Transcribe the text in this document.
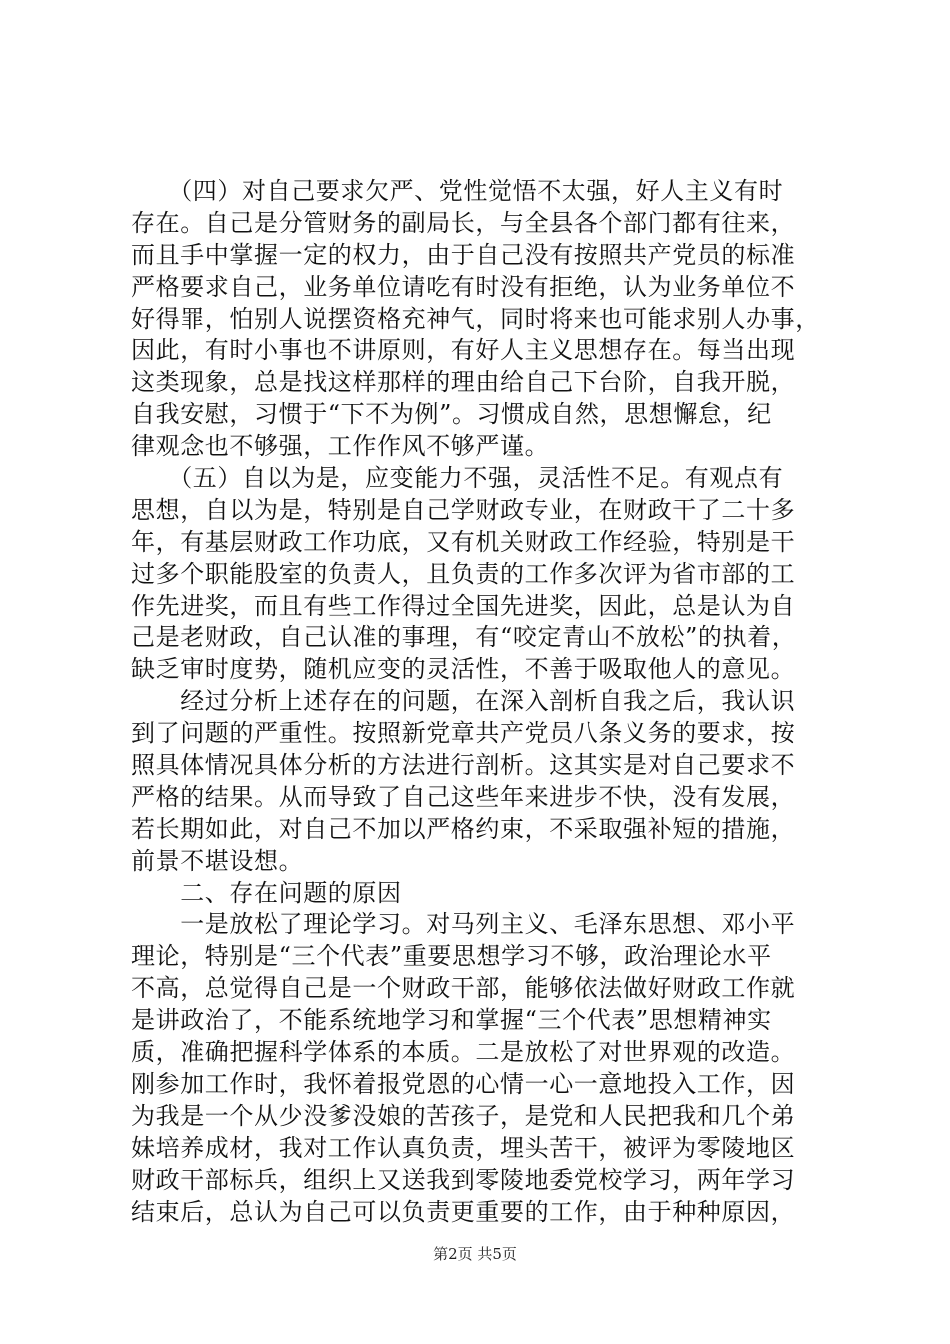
　　（四）对自己要求欠严、党性觉悟不太强，好人主义有时
存在。自己是分管财务的副局长，与全县各个部门都有往来，
而且手中掌握一定的权力，由于自己没有按照共产党员的标准
严格要求自己，业务单位请吃有时没有拒绝，认为业务单位不
好得罪，怕别人说摆资格充神气，同时将来也可能求别人办事，
因此，有时小事也不讲原则，有好人主义思想存在。每当出现
这类现象，总是找这样那样的理由给自己下台阶，自我开脱，
自我安慰，习惯于“下不为例”。习惯成自然，思想懈怠，纪
律观念也不够强，工作作风不够严谨。
　　（五）自以为是，应变能力不强，灵活性不足。有观点有
思想，自以为是，特别是自己学财政专业，在财政干了二十多
年，有基层财政工作功底，又有机关财政工作经验，特别是干
过多个职能股室的负责人，且负责的工作多次评为省市部的工
作先进奖，而且有些工作得过全国先进奖，因此，总是认为自
己是老财政，自己认准的事理，有“咬定青山不放松”的执着，
缺乏审时度势，随机应变的灵活性，不善于吸取他人的意见。
　　经过分析上述存在的问题，在深入剖析自我之后，我认识
到了问题的严重性。按照新党章共产党员八条义务的要求，按
照具体情况具体分析的方法进行剖析。这其实是对自己要求不
严格的结果。从而导致了自己这些年来进步不快，没有发展，
若长期如此，对自己不加以严格约束，不采取强补短的措施，
前景不堪设想。
　　二、存在问题的原因
　　一是放松了理论学习。对马列主义、毛泽东思想、邓小平
理论，特别是“三个代表”重要思想学习不够，政治理论水平
不高，总觉得自己是一个财政干部，能够依法做好财政工作就
是讲政治了，不能系统地学习和掌握“三个代表”思想精神实
质，准确把握科学体系的本质。二是放松了对世界观的改造。
刚参加工作时，我怀着报党恩的心情一心一意地投入工作，因
为我是一个从少没爹没娘的苦孩子，是党和人民把我和几个弟
妹培养成材，我对工作认真负责，埋头苦干，被评为零陵地区
财政干部标兵，组织上又送我到零陵地委党校学习，两年学习
结束后，总认为自己可以负责更重要的工作，由于种种原因，
第2页 共5页
